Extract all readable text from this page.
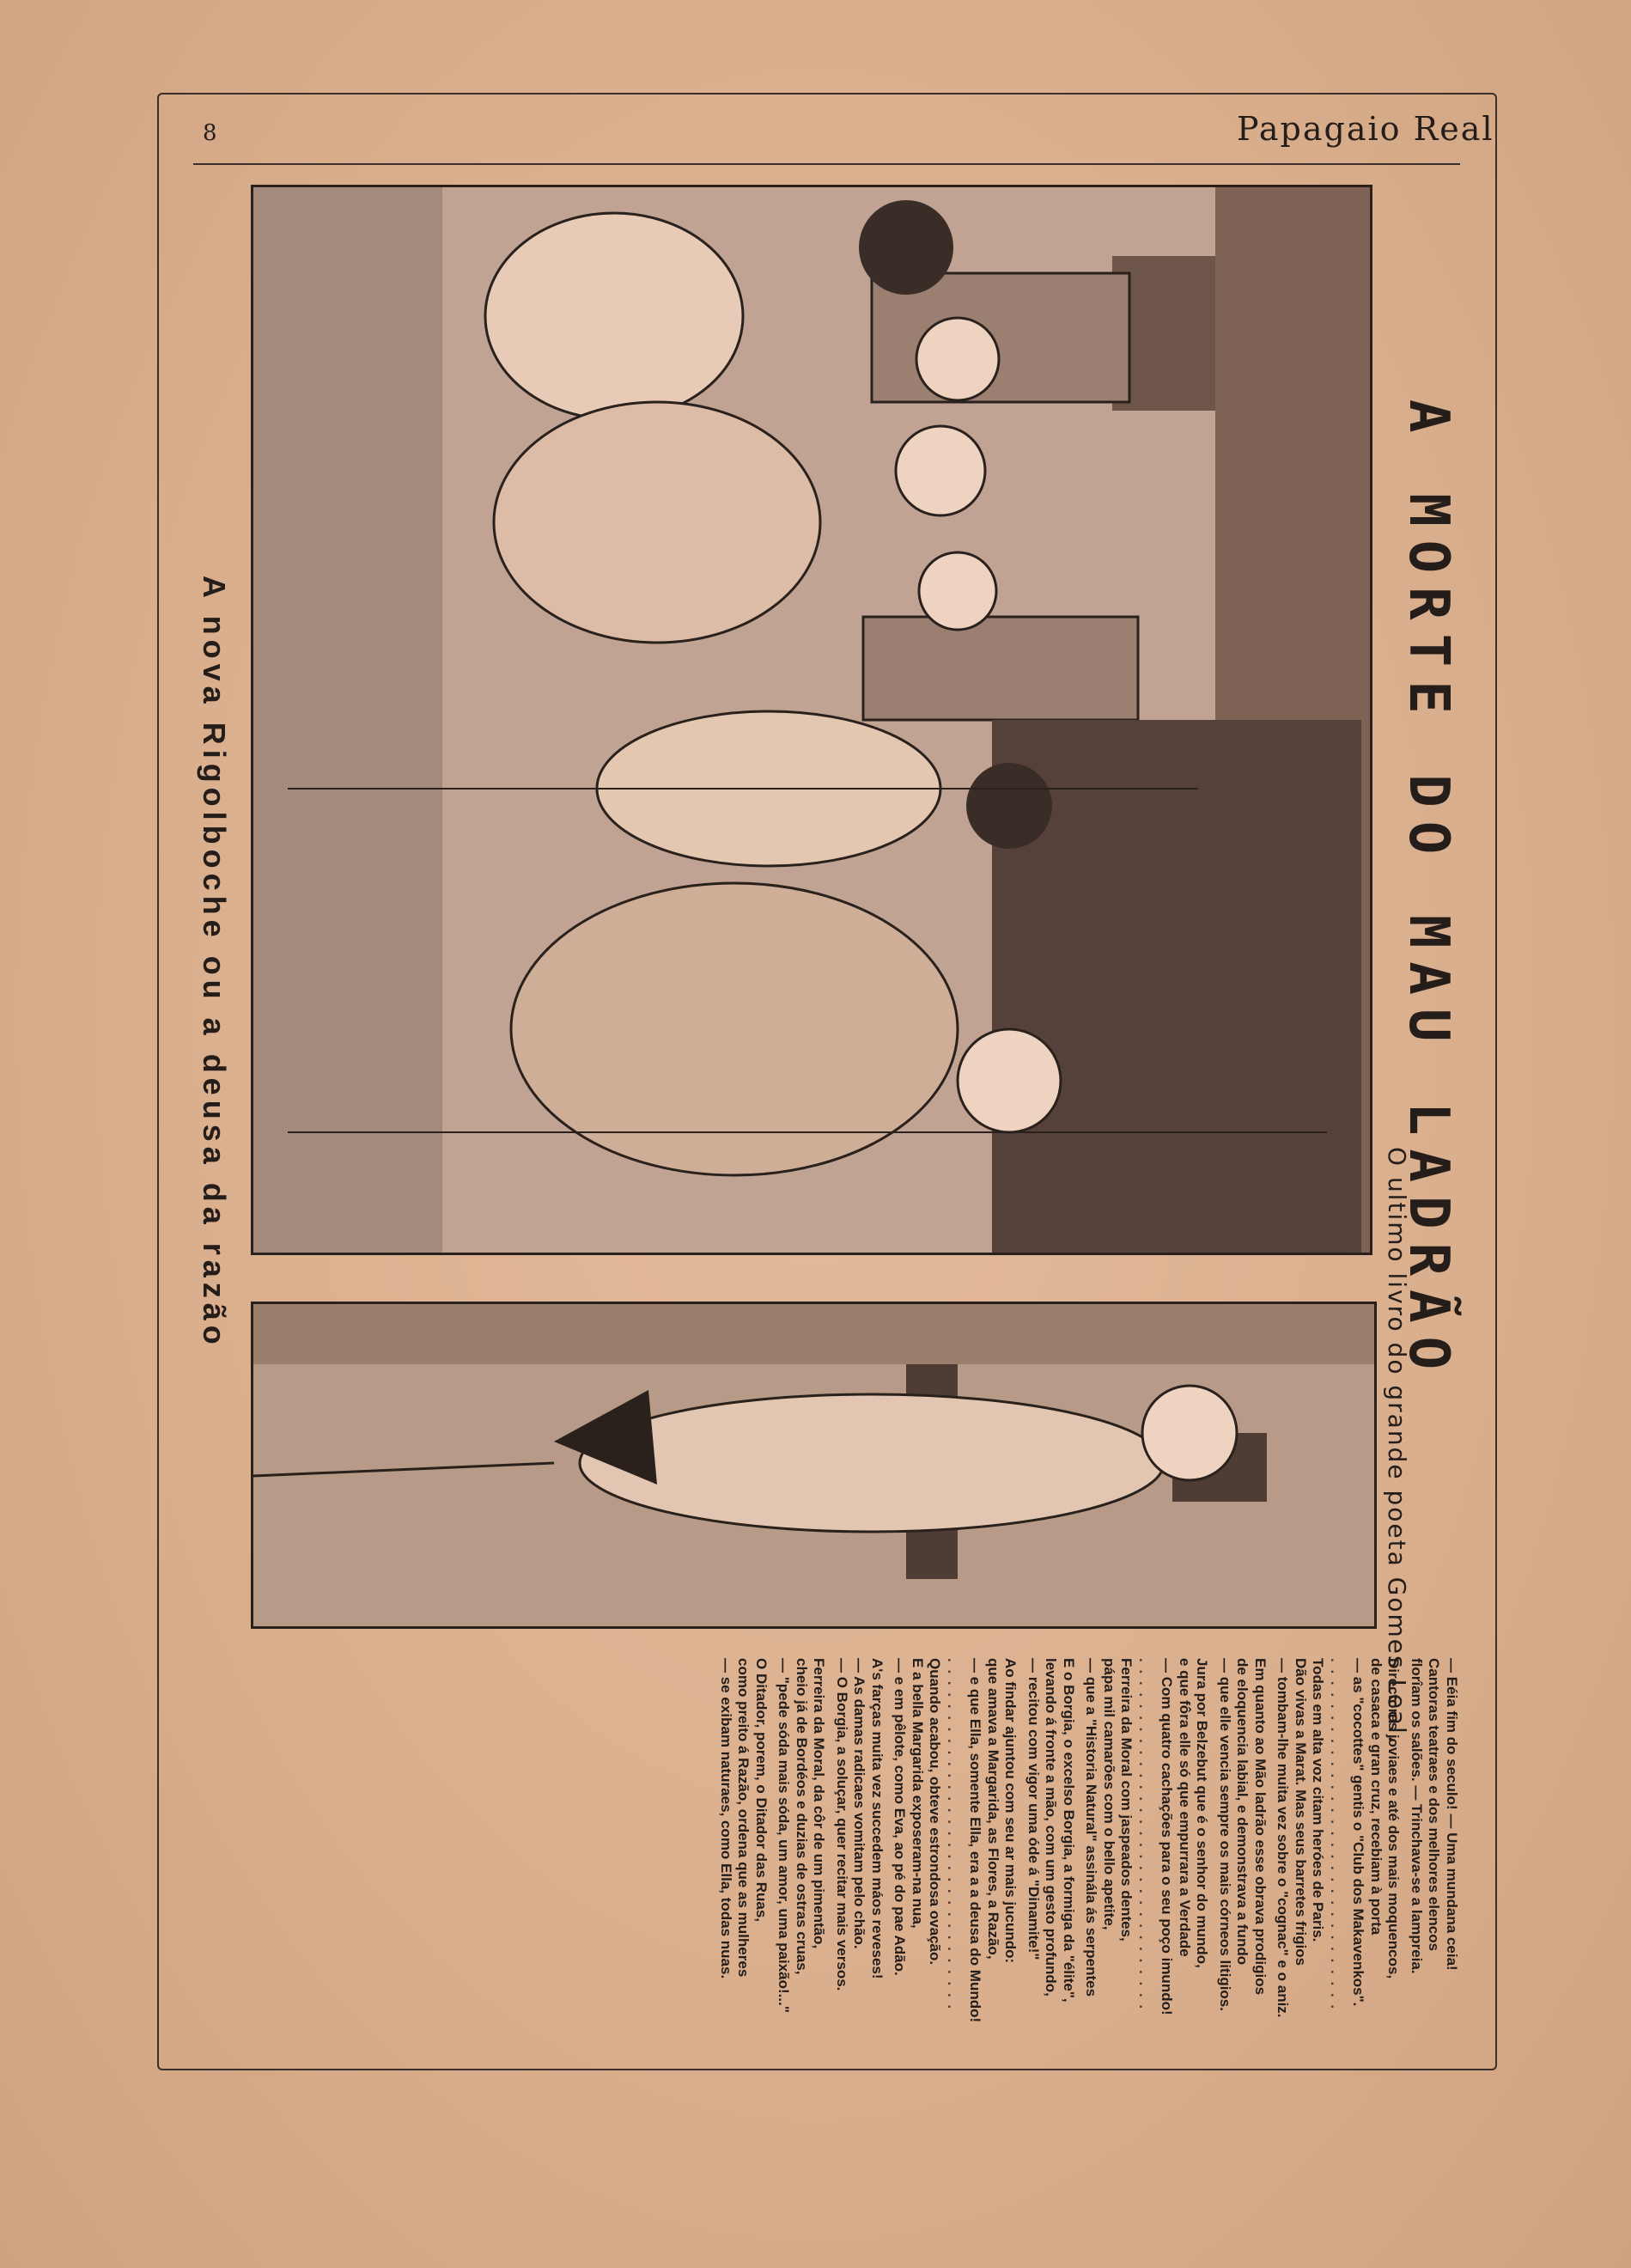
8	Papagaio Real
A MORTE DO MAU LADRÃO
O ultimo livro do grande poeta Gomes Leal.
A nova Rigolboche ou a deusa da razão
— Eéia fim do seculo! — Uma mundana ceia!
Cantoras teatraes e dos melhores elencos
florîam os salões. — Trinchava-se a lampreia.
Directores joviaes e até dos mais moquencos,
de casaca e gran cruz, recebiam à porta
— as "cocottes" gentis o "Club dos Makavenkos".
. . . . . . . . . . . . . . . . . . . . . . . . . . . . . . .
Todas em alta voz citam heróes de Paris.
Dão vivas a Marat. Mas seus barretes frigios
— tombam-lhe muita vez sobre o "cognac" e o aniz.
Em quanto ao Mão ladrão esse obrava prodigios
de eloquencia labial, e demonstrava a fundo
— que elle vencia sempre os mais córneos litigios.
Jura por Belzebut que é o senhor do mundo,
e que fôra elle só que empurrara a Verdade
— Com quatro cachações para o seu poço imundo!
. . . . . . . . . . . . . . . . . . . . . . . . . . . . . . .
Ferreira da Moral com jaspeados dentes,
pápa mil camarões com o bello apetite,
— que a "Historia Natural" assinála ás serpentes
E o Borgia, o excelso Borgia, a formiga da "élite",
levando á fronte a mão, com um gesto profundo,
— recitou com vigor uma óde á "Dinamite!"
Ao findar ajuntou com seu ar mais jucundo:
que amava a Margarida, as Flores, a Razão,
— e que Ella, somente Ella, era a a deusa do Mundo!
. . . . . . . . . . . . . . . . . . . . . . . . . . . . . . .
Quando acabou, obteve estrondosa ovação.
E a bella Margarida exposeram-na nua,
— e em pêlote, como Eva, ao pé do pae Adão.
A's farças muita vez succedem máos reveses!
— As damas radicaes vomitam pelo chão.
— O Borgia, a soluçar, quer recitar mais versos.
Ferreira da Moral, da côr de um pimentão,
cheio já de Bordéos e duzias de ostras cruas,
— "pede sóda mais sóda, um amor, uma paixão!..."
O Ditador, porem, o Ditador das Ruas,
como preito á Razão, ordena que as mulheres
— se exibam naturaes, como Ella, todas nuas.
